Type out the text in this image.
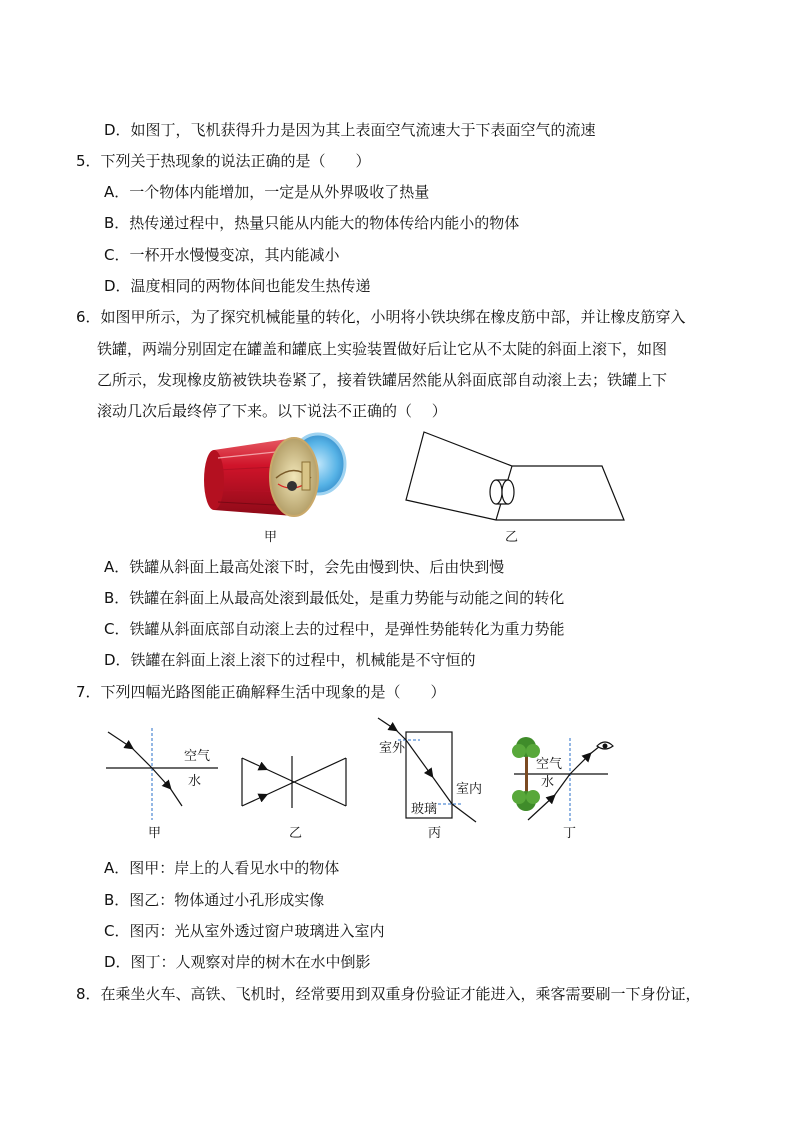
D．如图丁，飞机获得升力是因为其上表面空气流速大于下表面空气的流速
5．下列关于热现象的说法正确的是（　　）
A．一个物体内能增加，一定是从外界吸收了热量
B．热传递过程中，热量只能从内能大的物体传给内能小的物体
C．一杯开水慢慢变凉，其内能减小
D．温度相同的两物体间也能发生热传递
6．如图甲所示，为了探究机械能量的转化，小明将小铁块绑在橡皮筋中部，并让橡皮筋穿入
铁罐，两端分别固定在罐盖和罐底上实验装置做好后让它从不太陡的斜面上滚下，如图
乙所示，发现橡皮筋被铁块卷紧了，接着铁罐居然能从斜面底部自动滚上去；铁罐上下
滚动几次后最终停了下来。以下说法不正确的（　 ）
甲	乙
A．铁罐从斜面上最高处滚下时，会先由慢到快、后由快到慢
B．铁罐在斜面上从最高处滚到最低处，是重力势能与动能之间的转化
C．铁罐从斜面底部自动滚上去的过程中，是弹性势能转化为重力势能
D．铁罐在斜面上滚上滚下的过程中，机械能是不守恒的
7．下列四幅光路图能正确解释生活中现象的是（　　）
空气
水
甲	乙
室外
室内
玻璃
丙
空气
水
丁
A．图甲：岸上的人看见水中的物体
B．图乙：物体通过小孔形成实像
C．图丙：光从室外透过窗户玻璃进入室内
D．图丁：人观察对岸的树木在水中倒影
8．在乘坐火车、高铁、飞机时，经常要用到双重身份验证才能进入，乘客需要刷一下身份证，
